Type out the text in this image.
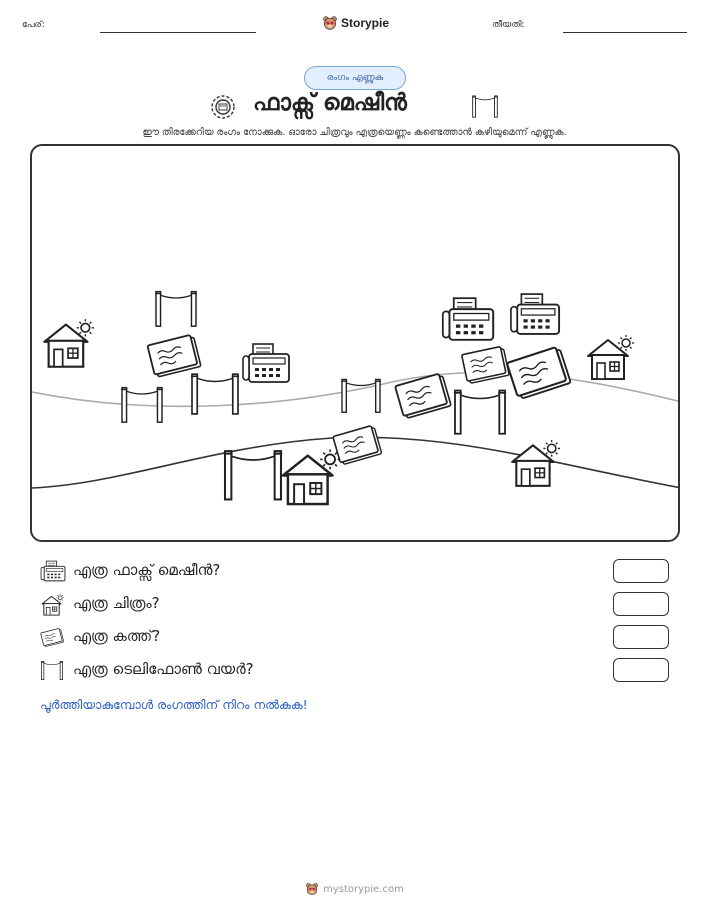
പേര്:	Storypie	തീയതി:
രംഗം എണ്ണുക
ഫാക്സ് മെഷീൻ
ഈ തിരക്കേറിയ രംഗം നോക്കുക. ഓരോ ചിത്രവും എത്രയെണ്ണം കണ്ടെത്താൻ കഴിയുമെന്ന് എണ്ണുക.
എത്ര ഫാക്സ് മെഷീൻ?
എത്ര ചിത്രം?
എത്ര കത്ത്?
എത്ര ടെലിഫോൺ വയർ?
പൂർത്തിയാകുമ്പോൾ രംഗത്തിന് നിറം നൽകുക!
mystorypie.com
